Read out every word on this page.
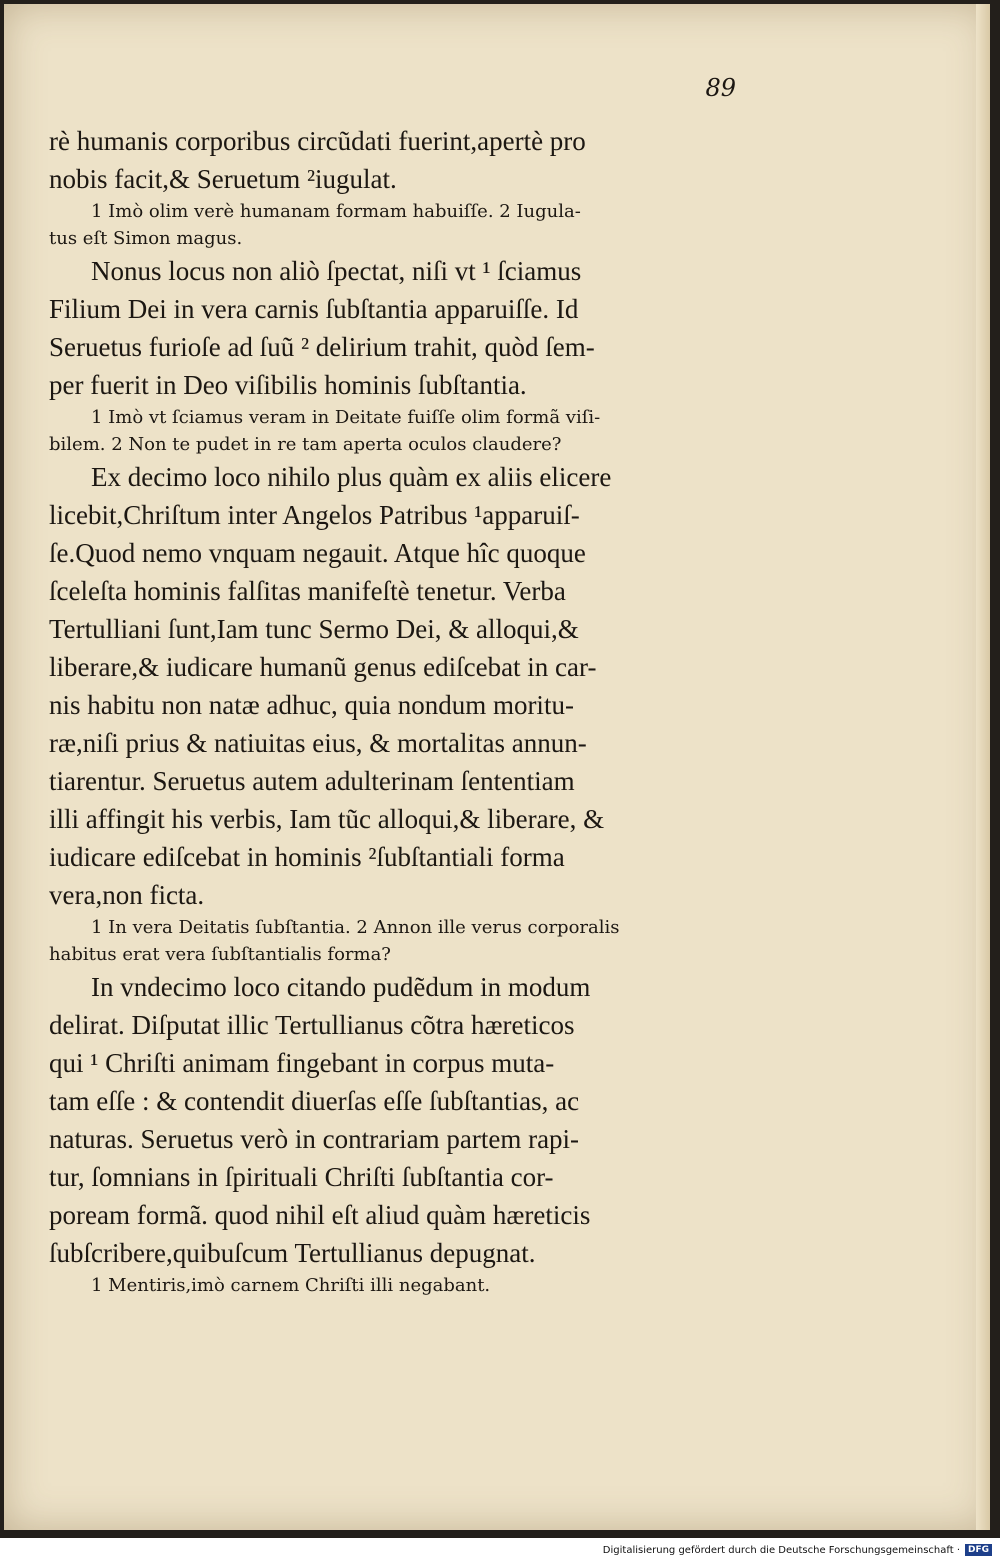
89
rè humanis corporibus circũdati fuerint,apertè pro
nobis facit,& Seruetum ²iugulat.
1 Imò olim verè humanam formam habuiſſe. 2 Iugula-
tus eſt Simon magus.
Nonus locus non aliò ſpectat, niſi vt ¹ ſciamus
Filium Dei in vera carnis ſubſtantia apparuiſſe. Id
Seruetus furioſe ad ſuũ ² delirium trahit, quòd ſem-
per fuerit in Deo viſibilis hominis ſubſtantia.
1 Imò vt ſciamus veram in Deitate fuiſſe olim formã viſi-
bilem. 2 Non te pudet in re tam aperta oculos claudere?
Ex decimo loco nihilo plus quàm ex aliis elicere
licebit,Chriſtum inter Angelos Patribus ¹apparuiſ-
ſe.Quod nemo vnquam negauit. Atque hîc quoque
ſceleſta hominis falſitas manifeſtè tenetur. Verba
Tertulliani ſunt,Iam tunc Sermo Dei, & alloqui,&
liberare,& iudicare humanũ genus ediſcebat in car-
nis habitu non natæ adhuc, quia nondum moritu-
ræ,niſi prius & natiuitas eius, & mortalitas annun-
tiarentur. Seruetus autem adulterinam ſententiam
illi affingit his verbis, Iam tũc alloqui,& liberare, &
iudicare ediſcebat in hominis ²ſubſtantiali forma
vera,non ficta.
1 In vera Deitatis ſubſtantia. 2 Annon ille verus corporalis
habitus erat vera ſubſtantialis forma?
In vndecimo loco citando pudẽdum in modum
delirat. Diſputat illic Tertullianus cõtra hæreticos
qui ¹ Chriſti animam fingebant in corpus muta-
tam eſſe : & contendit diuerſas eſſe ſubſtantias, ac
naturas. Seruetus verò in contrariam partem rapi-
tur, ſomnians in ſpirituali Chriſti ſubſtantia cor-
poream formã. quod nihil eſt aliud quàm hæreticis
ſubſcribere,quibuſcum Tertullianus depugnat.
1 Mentiris,imò carnem Chriſti illi negabant.
Digitalisierung gefördert durch die Deutsche Forschungsgemeinschaft · DFG
